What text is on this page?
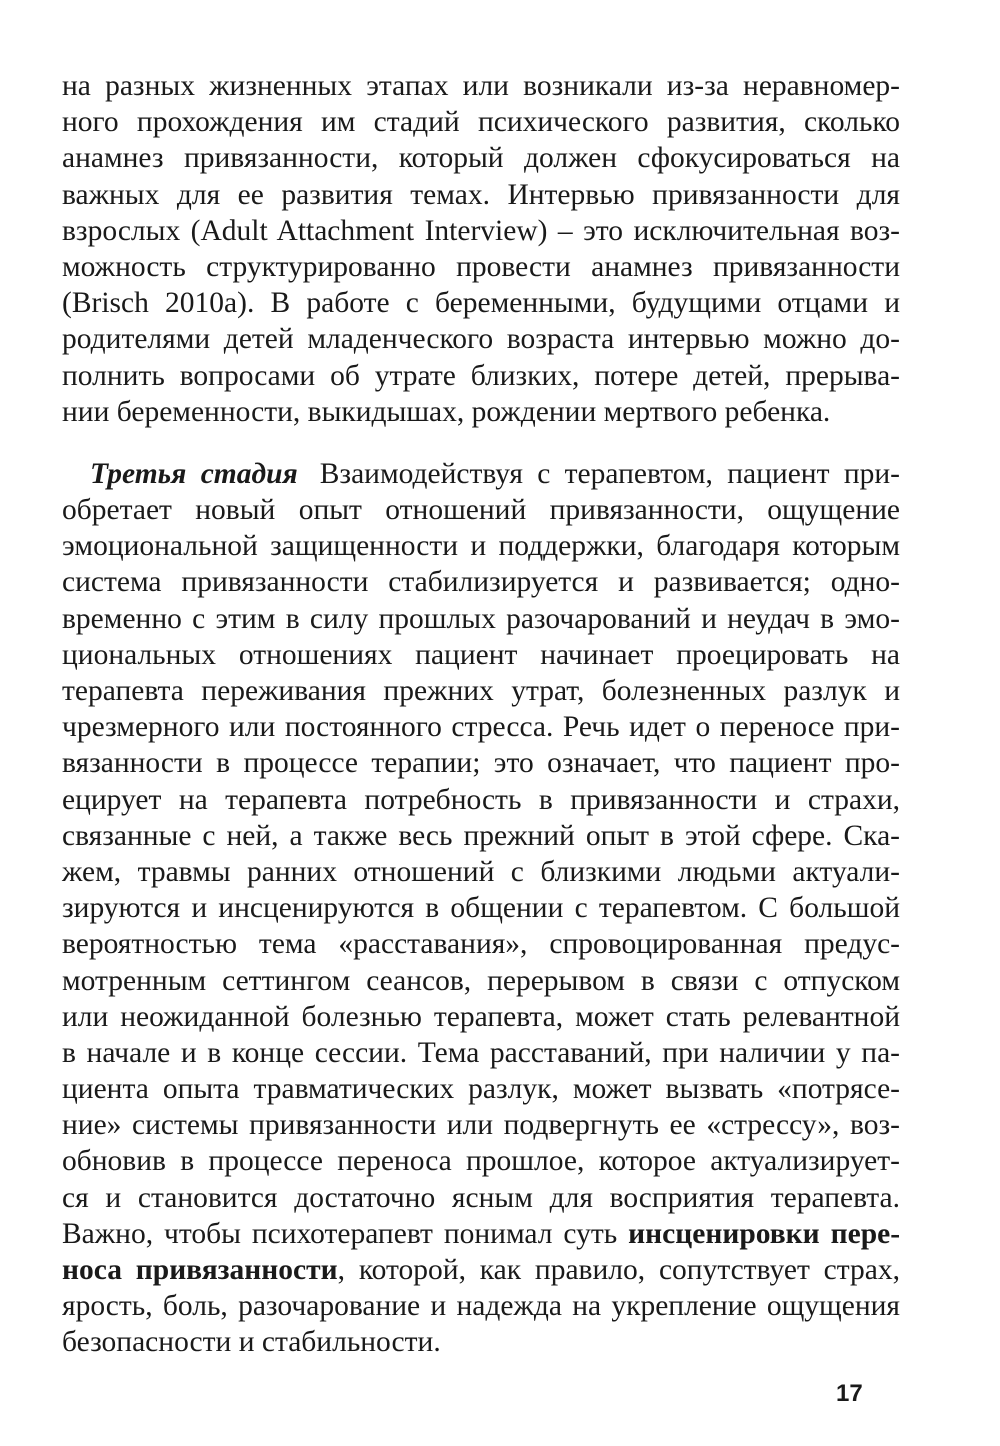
на разных жизненных этапах или возникали из-за неравномер-
ного прохождения им стадий психического развития, сколько
анамнез привязанности, который должен сфокусироваться на
важных для ее развития темах. Интервью привязанности для
взрослых (Adult Attachment Interview) – это исключительная воз-
можность структурированно провести анамнез привязанности
(Brisch 2010a). В работе с беременными, будущими отцами и
родителями детей младенческого возраста интервью можно до-
полнить вопросами об утрате близких, потере детей, прерыва-
нии беременности, выкидышах, рождении мертвого ребенка.
Третья стадия Взаимодействуя с терапевтом, пациент при-
обретает новый опыт отношений привязанности, ощущение
эмоциональной защищенности и поддержки, благодаря которым
система привязанности стабилизируется и развивается; одно-
временно с этим в силу прошлых разочарований и неудач в эмо-
циональных отношениях пациент начинает проецировать на
терапевта переживания прежних утрат, болезненных разлук и
чрезмерного или постоянного стресса. Речь идет о переносе при-
вязанности в процессе терапии; это означает, что пациент про-
ецирует на терапевта потребность в привязанности и страхи,
связанные с ней, а также весь прежний опыт в этой сфере. Ска-
жем, травмы ранних отношений с близкими людьми актуали-
зируются и инсценируются в общении с терапевтом. С большой
вероятностью тема «расставания», спровоцированная предус-
мотренным сеттингом сеансов, перерывом в связи с отпуском
или неожиданной болезнью терапевта, может стать релевантной
в начале и в конце сессии. Тема расставаний, при наличии у па-
циента опыта травматических разлук, может вызвать «потрясе-
ние» системы привязанности или подвергнуть ее «стрессу», воз-
обновив в процессе переноса прошлое, которое актуализирует-
ся и становится достаточно ясным для восприятия терапевта.
Важно, чтобы психотерапевт понимал суть инсценировки пере-
носа привязанности, которой, как правило, сопутствует страх,
ярость, боль, разочарование и надежда на укрепление ощущения
безопасности и стабильности.
17
